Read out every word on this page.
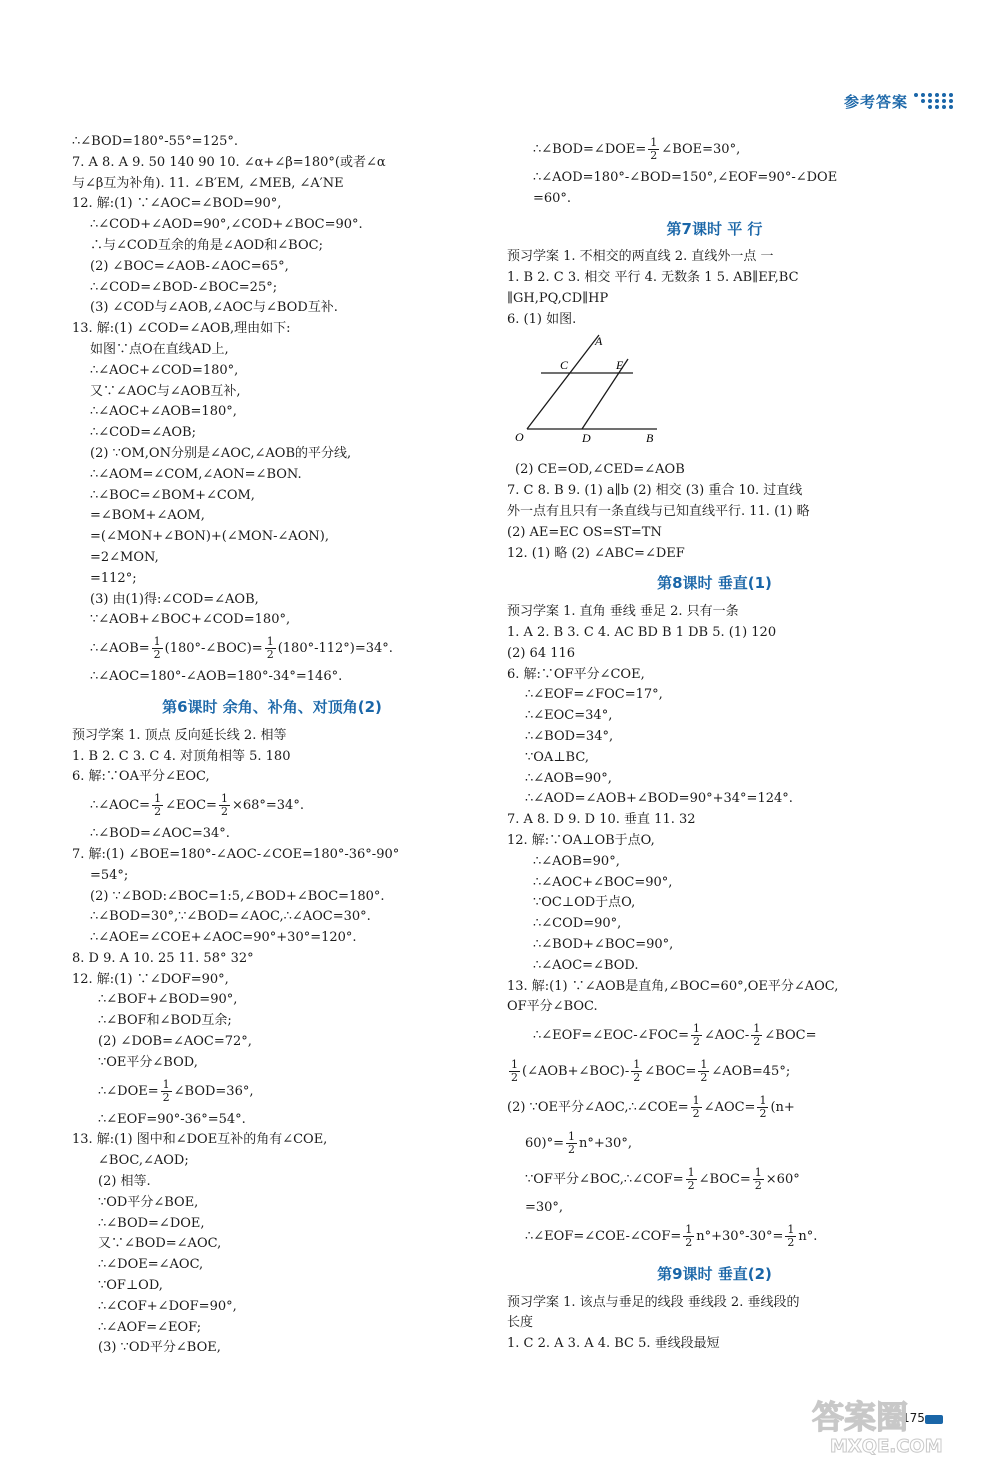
参考答案
∴∠BOD=180°-55°=125°.
7. A 8. A 9. 50 140 90 10. ∠α+∠β=180°(或者∠α
与∠β互为补角). 11. ∠B′EM, ∠MEB, ∠A′NE
12. 解:(1) ∵∠AOC=∠BOD=90°,
∴∠COD+∠AOD=90°,∠COD+∠BOC=90°.
∴与∠COD互余的角是∠AOD和∠BOC;
(2) ∠BOC=∠AOB-∠AOC=65°,
∴∠COD=∠BOD-∠BOC=25°;
(3) ∠COD与∠AOB,∠AOC与∠BOD互补.
13. 解:(1) ∠COD=∠AOB,理由如下:
如图∵点O在直线AD上,
∴∠AOC+∠COD=180°,
又∵∠AOC与∠AOB互补,
∴∠AOC+∠AOB=180°,
∴∠COD=∠AOB;
(2) ∵OM,ON分别是∠AOC,∠AOB的平分线,
∴∠AOM=∠COM,∠AON=∠BON.
∴∠BOC=∠BOM+∠COM,
=∠BOM+∠AOM,
=(∠MON+∠BON)+(∠MON-∠AON),
=2∠MON,
=112°;
(3) 由(1)得:∠COD=∠AOB,
∵∠AOB+∠BOC+∠COD=180°,
∴∠AOB= $\frac{1}{2}$ (180°-∠BOC)= $\frac{1}{2} (180^\circ-112^\circ)=34^\circ$.
∴∠AOC=180°-∠AOB=180°-34°=146°.
第6课时 余角、补角、对顶角(2)
预习学案 1. 顶点 反向延长线 2. 相等
1. B 2. C 3. C 4. 对顶角相等 5. 180
6. 解:∵OA平分∠EOC,
∴∠AOC= $\frac{1}{2}$ ∠EOC= $\frac{1}{2} \times 68^\circ=34^\circ$.
∴∠BOD=∠AOC=34°.
7. 解:(1) ∠BOE=180°-∠AOC-∠COE=180°-36°-90°
=54°;
(2) ∵∠BOD:∠BOC=1:5,∠BOD+∠BOC=180°.
∴∠BOD=30°,∵∠BOD=∠AOC,∴∠AOC=30°.
∴∠AOE=∠COE+∠AOC=90°+30°=120°.
8. D 9. A 10. 25 11. 58° 32°
12. 解:(1) ∵∠DOF=90°,
∴∠BOF+∠BOD=90°,
∴∠BOF和∠BOD互余;
(2) ∠DOB=∠AOC=72°,
∵OE平分∠BOD,
∴∠DOE= $\frac{1}{2}$ ∠BOD=36°,
∴∠EOF=90°-36°=54°.
13. 解:(1) 图中和∠DOE互补的角有∠COE,
∠BOC,∠AOD;
(2) 相等.
∵OD平分∠BOE,
∴∠BOD=∠DOE,
又∵∠BOD=∠AOC,
∴∠DOE=∠AOC,
∵OF⊥OD,
∴∠COF+∠DOF=90°,
∴∠AOF=∠EOF;
(3) ∵OD平分∠BOE,
∴∠BOD=∠DOE= $\frac{1}{2}$ ∠BOE=30°,
∴∠AOD=180°-∠BOD=150°,∠EOF=90°-∠DOE
=60°.
第7课时 平 行
预习学案 1. 不相交的两直线 2. 直线外一点 一
1. B 2. C 3. 相交 平行 4. 无数条 1 5. AB∥EF,BC
∥GH,PQ,CD∥HP
6. (1) 如图.
A
C	E
O	D	B
(2) CE=OD,∠CED=∠AOB
7. C 8. B 9. (1) a∥b (2) 相交 (3) 重合 10. 过直线
外一点有且只有一条直线与已知直线平行. 11. (1) 略
(2) AE=EC OS=ST=TN
12. (1) 略 (2) ∠ABC=∠DEF
第8课时 垂直(1)
预习学案 1. 直角 垂线 垂足 2. 只有一条
1. A 2. B 3. C 4. AC BD B 1 DB 5. (1) 120
(2) 64 116
6. 解:∵OF平分∠COE,
∴∠EOF=∠FOC=17°,
∴∠EOC=34°,
∴∠BOD=34°,
∵OA⊥BC,
∴∠AOB=90°,
∴∠AOD=∠AOB+∠BOD=90°+34°=124°.
7. A 8. D 9. D 10. 垂直 11. 32
12. 解:∵OA⊥OB于点O,
∴∠AOB=90°,
∴∠AOC+∠BOC=90°,
∵OC⊥OD于点O,
∴∠COD=90°,
∴∠BOD+∠BOC=90°,
∴∠AOC=∠BOD.
13. 解:(1) ∵∠AOB是直角,∠BOC=60°,OE平分∠AOC,
OF平分∠BOC.
∴∠EOF=∠EOC-∠FOC= $\frac{1}{2}$ ∠AOC- $\frac{1}{2}$ ∠BOC=
$\frac{1}{2}$ (∠AOB+∠BOC)- $\frac{1}{2}$ ∠BOC= $\frac{1}{2}$ ∠AOB=45°;
(2) ∵OE平分∠AOC,∴∠COE= $\frac{1}{2}$ ∠AOC= $\frac{1}{2} (n+$
$60)^\circ= \frac{1}{2} n^\circ+30^\circ$,
∵OF平分∠BOC,∴∠COF= $\frac{1}{2}$ ∠BOC= $\frac{1}{2} \times 60^\circ$
=30°,
∴∠EOF=∠COE-∠COF= $\frac{1}{2} n^\circ+30^\circ-30^\circ= \frac{1}{2} n^\circ$.
第9课时 垂直(2)
预习学案 1. 该点与垂足的线段 垂线段 2. 垂线段的
长度
1. C 2. A 3. A 4. BC 5. 垂线段最短
175
答案圈
MXQE.COM
